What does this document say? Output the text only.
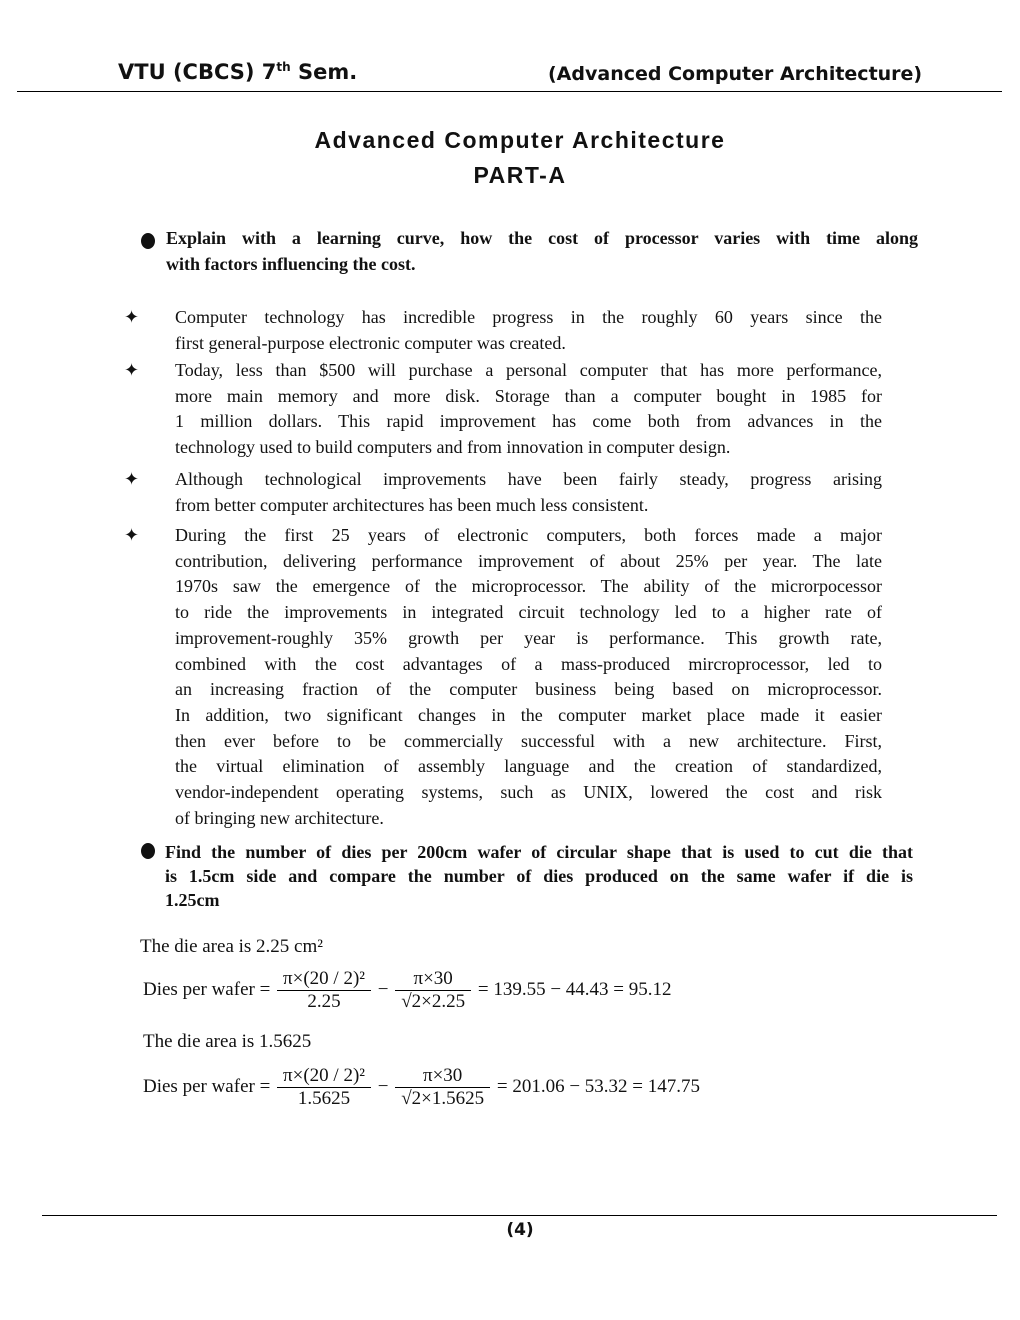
VTU (CBCS) 7th Sem.	(Advanced Computer Architecture)
Advanced Computer Architecture
PART-A
Explain with a learning curve, how the cost of processor varies with time along
with factors influencing the cost.
✦ Computer technology has incredible progress in the roughly 60 years since the
first general-purpose electronic computer was created.
✦ Today, less than $500 will purchase a personal computer that has more performance,
more main memory and more disk. Storage than a computer bought in 1985 for
1 million dollars. This rapid improvement has come both from advances in the
technology used to build computers and from innovation in computer design.
✦ Although technological improvements have been fairly steady, progress arising
from better computer architectures has been much less consistent.
✦ During the first 25 years of electronic computers, both forces made a major
contribution, delivering performance improvement of about 25% per year. The late
1970s saw the emergence of the microprocessor. The ability of the microrpocessor
to ride the improvements in integrated circuit technology led to a higher rate of
improvement-roughly 35% growth per year is performance. This growth rate,
combined with the cost advantages of a mass-produced mircroprocessor, led to
an increasing fraction of the computer business being based on microprocessor.
In addition, two significant changes in the computer market place made it easier
then ever before to be commercially successful with a new architecture. First,
the virtual elimination of assembly language and the creation of standardized,
vendor-independent operating systems, such as UNIX, lowered the cost and risk
of bringing new architecture.
Find the number of dies per 200cm wafer of circular shape that is used to cut die that
is 1.5cm side and compare the number of dies produced on the same wafer if die is
1.25cm
The die area is 2.25 cm²
Dies per wafer = $\frac{\text{π×(20 / 2)²}}{2.25} - \frac{\pi\times 30}{√2\times 2.25} = 139.55 - 44.43 = 95.12$
The die area is 1.5625
Dies per wafer = $\frac{\text{π×(20 / 2)²}}{1.5625} - \frac{\pi\times 30}{√2\times 1.5625} = 201.06 - 53.32 = 147.75$
(4)
